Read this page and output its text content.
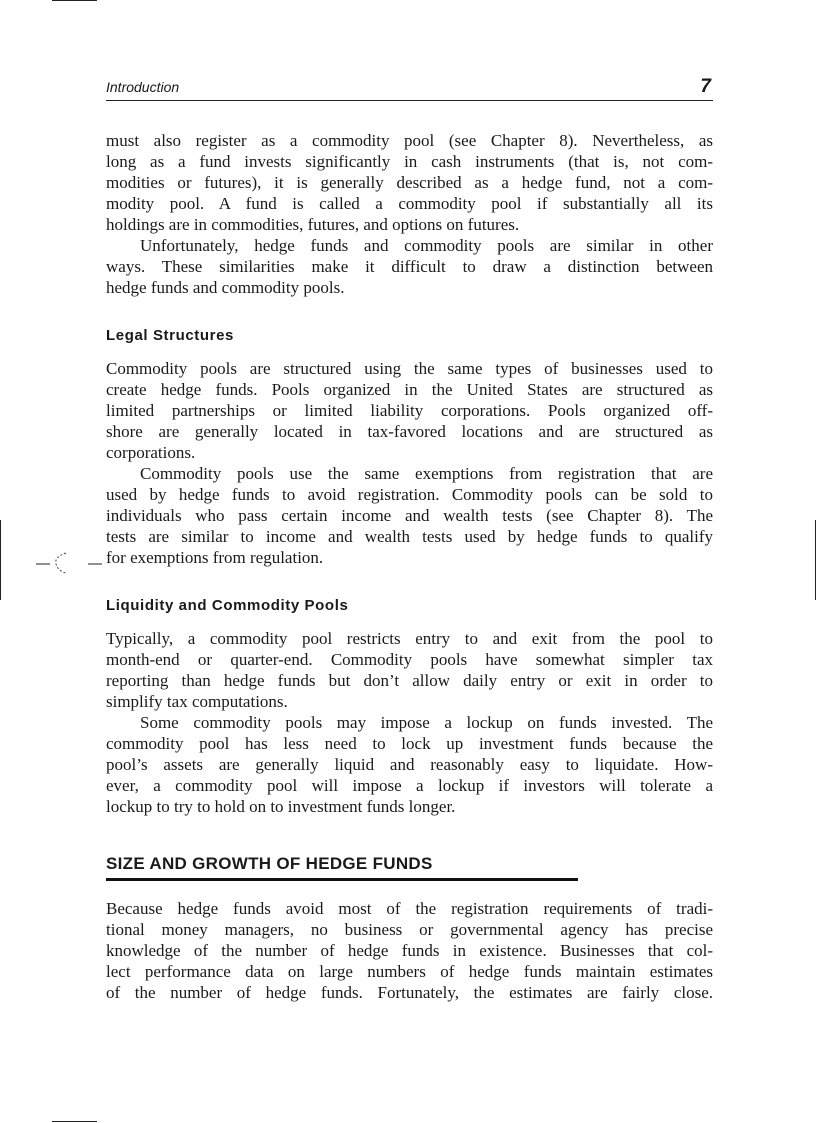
Introduction	7
must also register as a commodity pool (see Chapter 8). Nevertheless, as
long as a fund invests significantly in cash instruments (that is, not com-
modities or futures), it is generally described as a hedge fund, not a com-
modity pool. A fund is called a commodity pool if substantially all its
holdings are in commodities, futures, and options on futures.
Unfortunately, hedge funds and commodity pools are similar in other
ways. These similarities make it difficult to draw a distinction between
hedge funds and commodity pools.
Legal Structures
Commodity pools are structured using the same types of businesses used to
create hedge funds. Pools organized in the United States are structured as
limited partnerships or limited liability corporations. Pools organized off-
shore are generally located in tax-favored locations and are structured as
corporations.
Commodity pools use the same exemptions from registration that are
used by hedge funds to avoid registration. Commodity pools can be sold to
individuals who pass certain income and wealth tests (see Chapter 8). The
tests are similar to income and wealth tests used by hedge funds to qualify
for exemptions from regulation.
Liquidity and Commodity Pools
Typically, a commodity pool restricts entry to and exit from the pool to
month-end or quarter-end. Commodity pools have somewhat simpler tax
reporting than hedge funds but don’t allow daily entry or exit in order to
simplify tax computations.
Some commodity pools may impose a lockup on funds invested. The
commodity pool has less need to lock up investment funds because the
pool’s assets are generally liquid and reasonably easy to liquidate. How-
ever, a commodity pool will impose a lockup if investors will tolerate a
lockup to try to hold on to investment funds longer.
SIZE AND GROWTH OF HEDGE FUNDS
Because hedge funds avoid most of the registration requirements of tradi-
tional money managers, no business or governmental agency has precise
knowledge of the number of hedge funds in existence. Businesses that col-
lect performance data on large numbers of hedge funds maintain estimates
of the number of hedge funds. Fortunately, the estimates are fairly close.
